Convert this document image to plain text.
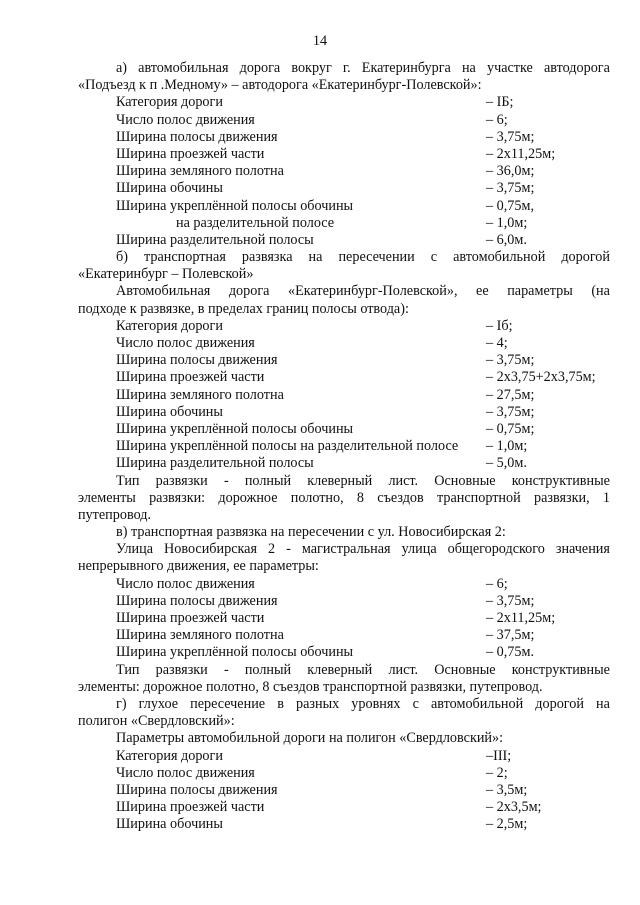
14
а) автомобильная дорога вокруг г. Екатеринбурга на участке автодорога
«Подъезд к п .Медному» – автодорога «Екатеринбург-Полевской»:
Категория дороги	– IБ;
Число полос движения	– 6;
Ширина полосы движения	– 3,75м;
Ширина проезжей части	– 2х11,25м;
Ширина земляного полотна	– 36,0м;
Ширина обочины	– 3,75м;
Ширина укреплённой полосы обочины	– 0,75м,
на разделительной полосе	– 1,0м;
Ширина разделительной полосы	– 6,0м.
б) транспортная развязка на пересечении с автомобильной дорогой
«Екатеринбург – Полевской»
Автомобильная дорога «Екатеринбург-Полевской», ее параметры (на
подходе к развязке, в пределах границ полосы отвода):
Категория дороги	– Iб;
Число полос движения	– 4;
Ширина полосы движения	– 3,75м;
Ширина проезжей части	– 2х3,75+2х3,75м;
Ширина земляного полотна	– 27,5м;
Ширина обочины	– 3,75м;
Ширина укреплённой полосы обочины	– 0,75м;
Ширина укреплённой полосы на разделительной полосе – 1,0м;
Ширина разделительной полосы	– 5,0м.
Тип развязки - полный клеверный лист. Основные конструктивные
элементы развязки: дорожное полотно, 8 съездов транспортной развязки, 1
путепровод.
в) транспортная развязка на пересечении с ул. Новосибирская 2:
Улица Новосибирская 2 - магистральная улица общегородского значения
непрерывного движения, ее параметры:
Число полос движения	– 6;
Ширина полосы движения	– 3,75м;
Ширина проезжей части	– 2х11,25м;
Ширина земляного полотна	– 37,5м;
Ширина укреплённой полосы обочины	– 0,75м.
Тип развязки - полный клеверный лист. Основные конструктивные
элементы: дорожное полотно, 8 съездов транспортной развязки, путепровод.
г) глухое пересечение в разных уровнях с автомобильной дорогой на
полигон «Свердловский»:
Параметры автомобильной дороги на полигон «Свердловский»:
Категория дороги	–III;
Число полос движения	– 2;
Ширина полосы движения	– 3,5м;
Ширина проезжей части	– 2х3,5м;
Ширина обочины	– 2,5м;
